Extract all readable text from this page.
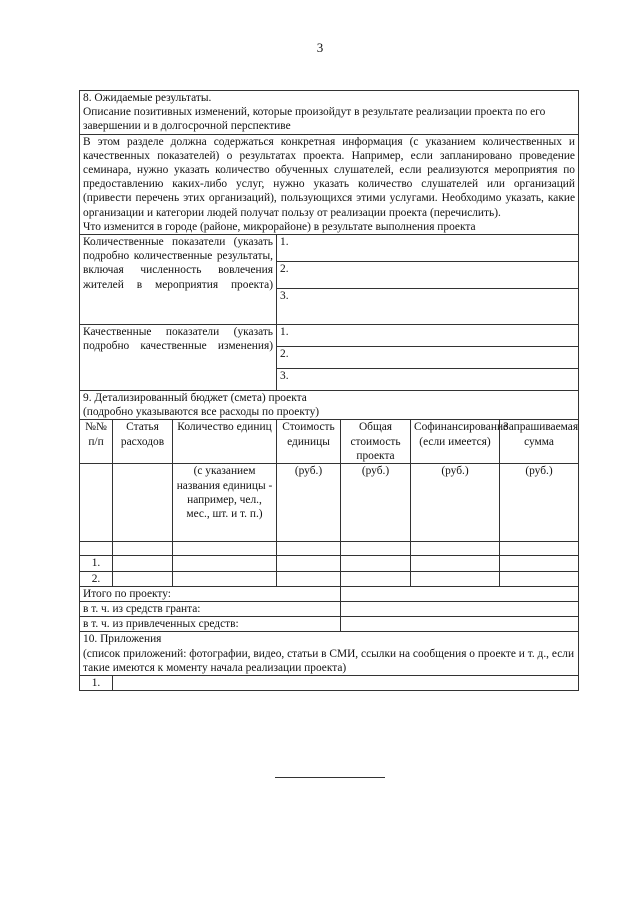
3
8. Ожидаемые результаты.
Описание позитивных изменений, которые произойдут в результате реализации проекта по его завершении и в долгосрочной перспективе						

В этом разделе должна содержаться конкретная информация (с указанием количественных и качественных показателей) о результатах проекта. Например, если запланировано проведение семинара, нужно указать количество обученных слушателей, если реализуются мероприятия по предоставлению каких-либо услуг, нужно указать количество слушателей или организаций (привести перечень этих организаций), пользующихся этими услугами. Необходимо указать, какие организации и категории людей получат пользу от реализации проекта (перечислить).
Что изменится в городе (районе, микрорайоне) в результате выполнения проекта						

Количественные показатели (указать подробно количественные результаты, включая численность вовлечения жителей в мероприятия проекта)			1.			
			2.			
			3.			
Качественные показатели (указать подробно качественные изменения)			1.			
			2.			
			3.			

9. Детализированный бюджет (смета) проекта
(подробно указываются все расходы по проекту)						

№№ п/п	Статья расходов	Количество единиц	Стоимость единицы	Общая стоимость проекта	Софинансирование (если имеется)	Запрашиваемая сумма
		(с указанием названия единицы - например, чел., мес., шт. и т. п.)	(руб.)	(руб.)	(руб.)	(руб.)

1.						
2.						
Итого по проекту:						
в т. ч. из средств гранта:						
в т. ч. из привлеченных средств:						

10. Приложения
(список приложений: фотографии, видео, статьи в СМИ, ссылки на сообщения о проекте и т. д., если такие имеются к моменту начала реализации проекта)						

1.						
